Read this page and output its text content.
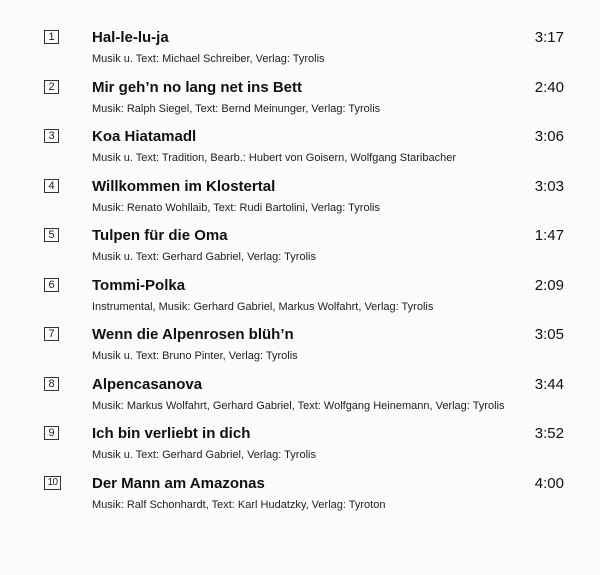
1 Hal-le-lu-ja	3:17
Musik u. Text: Michael Schreiber, Verlag: Tyrolis
2 Mir geh’n no lang net ins Bett	2:40
Musik: Ralph Siegel, Text: Bernd Meinunger, Verlag: Tyrolis
3 Koa Hiatamadl	3:06
Musik u. Text: Tradition, Bearb.: Hubert von Goisern, Wolfgang Staribacher
4 Willkommen im Klostertal	3:03
Musik: Renato Wohllaib, Text: Rudi Bartolini, Verlag: Tyrolis
5 Tulpen für die Oma	1:47
Musik u. Text: Gerhard Gabriel, Verlag: Tyrolis
6 Tommi-Polka	2:09
Instrumental, Musik: Gerhard Gabriel, Markus Wolfahrt, Verlag: Tyrolis
7 Wenn die Alpenrosen blüh’n	3:05
Musik u. Text: Bruno Pinter, Verlag: Tyrolis
8 Alpencasanova	3:44
Musik: Markus Wolfahrt, Gerhard Gabriel, Text: Wolfgang Heinemann, Verlag: Tyrolis
9 Ich bin verliebt in dich	3:52
Musik u. Text: Gerhard Gabriel, Verlag: Tyrolis
10 Der Mann am Amazonas	4:00
Musik: Ralf Schonhardt, Text: Karl Hudatzky, Verlag: Tyroton
